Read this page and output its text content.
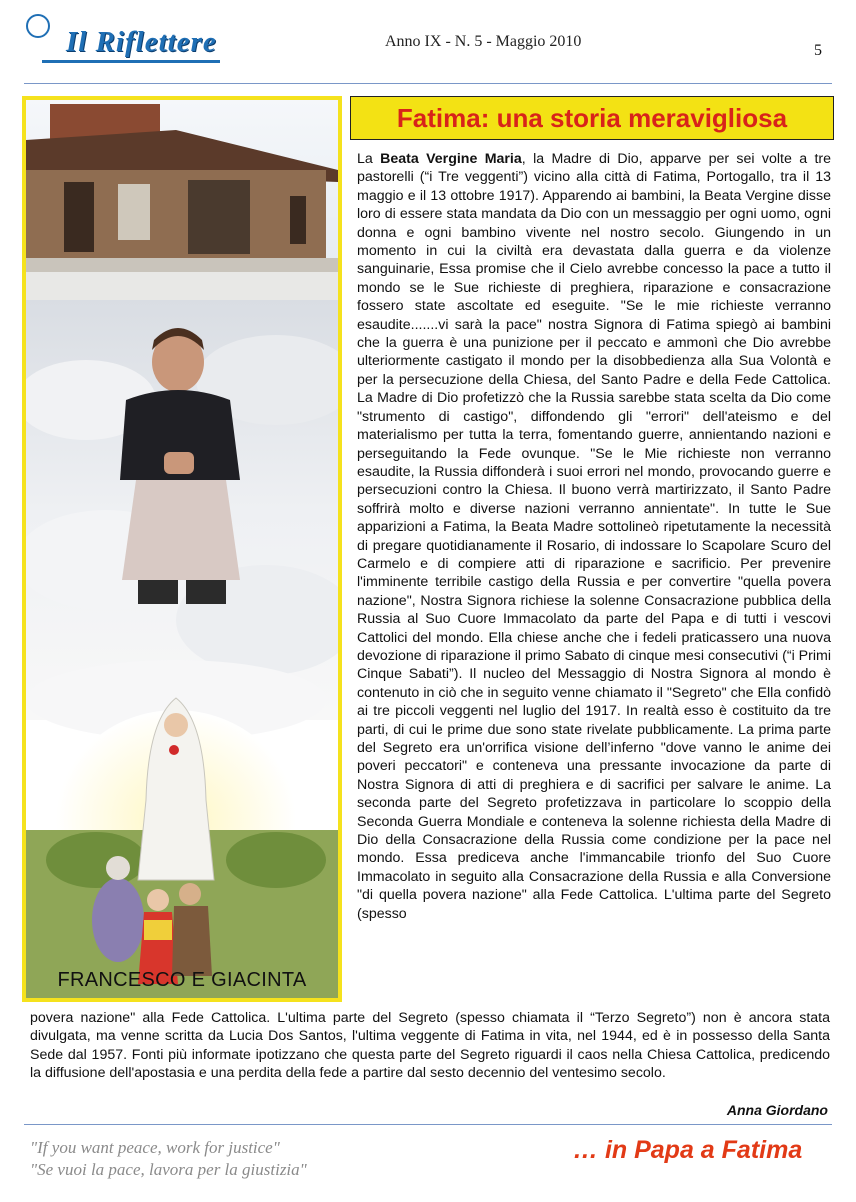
Il Riflettere	Anno IX - N. 5 - Maggio 2010
5
FRANCESCO E GIACINTA
Fatima: una storia meravigliosa

La Beata Vergine Maria, la Madre di Dio, apparve per sei volte a tre pastorelli (“i Tre veggenti”) vicino alla città di Fatima, Portogallo, tra il 13 maggio e il 13 ottobre 1917). Apparendo ai bambini, la Beata Vergine disse loro di essere stata mandata da Dio con un messaggio per ogni uomo, ogni donna e ogni bambino vivente nel nostro secolo. Giungendo in un momento in cui la civiltà era devastata dalla guerra e da violenze sanguinarie, Essa promise che il Cielo avrebbe concesso la pace a tutto il mondo se le Sue richieste di preghiera, riparazione e consacrazione fossero state ascoltate ed eseguite. "Se le mie richieste verranno esaudite.......vi sarà la pace" nostra Signora di Fatima spiegò ai bambini che la guerra è una punizione per il peccato e ammonì che Dio avrebbe ulteriormente castigato il mondo per la disobbedienza alla Sua Volontà e per la persecuzione della Chiesa, del Santo Padre e della Fede Cattolica. La Madre di Dio profetizzò che la Russia sarebbe stata scelta da Dio come "strumento di castigo", diffondendo gli "errori" dell'ateismo e del materialismo per tutta la terra, fomentando guerre, annientando nazioni e perseguitando la Fede ovunque. "Se le Mie richieste non verranno esaudite, la Russia diffonderà i suoi errori nel mondo, provocando guerre e persecuzioni contro la Chiesa. Il buono verrà martirizzato, il Santo Padre soffrirà molto e diverse nazioni verranno annientate". In tutte le Sue apparizioni a Fatima, la Beata Madre sottolineò ripetutamente la necessità di pregare quotidianamente il Rosario, di indossare lo Scapolare Scuro del Carmelo e di compiere atti di riparazione e sacrificio. Per prevenire l'imminente terribile castigo della Russia e per convertire "quella povera nazione", Nostra Signora richiese la solenne Consacrazione pubblica della Russia al Suo Cuore Immacolato da parte del Papa e di tutti i vescovi Cattolici del mondo. Ella chiese anche che i fedeli praticassero una nuova devozione di riparazione il primo Sabato di cinque mesi consecutivi (“i Primi Cinque Sabati”). Il nucleo del Messaggio di Nostra Signora al mondo è contenuto in ciò che in seguito venne chiamato il "Segreto" che Ella confidò ai tre piccoli veggenti nel luglio del 1917. In realtà esso è costituito da tre parti, di cui le prime due sono state rivelate pubblicamente. La prima parte del Segreto era un'orrifica visione dell’inferno "dove vanno le anime dei poveri peccatori" e conteneva una pressante invocazione da parte di Nostra Signora di atti di preghiera e di sacrifici per salvare le anime. La seconda parte del Segreto profetizzava in particolare lo scoppio della Seconda Guerra Mondiale e conteneva la solenne richiesta della Madre di Dio della Consacrazione della Russia come condizione per la pace nel mondo. Essa prediceva anche l'immancabile trionfo del Suo Cuore Immacolato in seguito alla Consacrazione della Russia e alla Conversione "di quella povera nazione" alla Fede Cattolica. L'ultima parte del Segreto (spesso

povera nazione" alla Fede Cattolica. L'ultima parte del Segreto (spesso chiamata il “Terzo Segreto”) non è ancora stata divulgata, ma venne scritta da Lucia Dos Santos, l'ultima veggente di Fatima in vita, nel 1944, ed è in possesso della Santa Sede dal 1957. Fonti più informate ipotizzano che questa parte del Segreto riguardi il caos nella Chiesa Cattolica, predicendo la diffusione dell'apostasia e una perdita della fede a partire dal sesto decennio del ventesimo secolo.

Anna Giordano
"If you want peace, work for justice"
"Se vuoi la pace, lavora per la giustizia"
… in Papa a Fatima
